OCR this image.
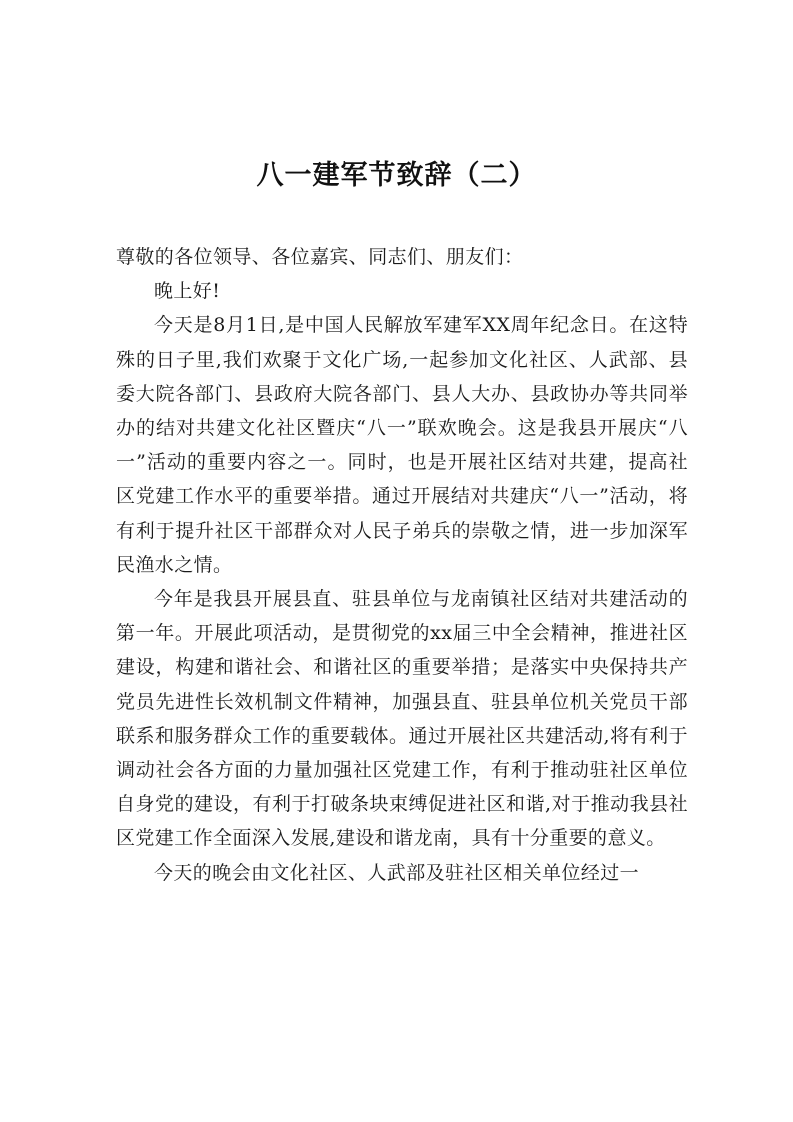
八一建军节致辞（二）

尊敬的各位领导、各位嘉宾、同志们、朋友们：

晚上好!

今天是8月1日,是中国人民解放军建军XX周年纪念日。在这特殊的日子里,我们欢聚于文化广场,一起参加文化社区、人武部、县委大院各部门、县政府大院各部门、县人大办、县政协办等共同举办的结对共建文化社区暨庆“八一”联欢晚会。这是我县开展庆“八一”活动的重要内容之一。同时，也是开展社区结对共建，提高社区党建工作水平的重要举措。通过开展结对共建庆“八一”活动，将有利于提升社区干部群众对人民子弟兵的崇敬之情，进一步加深军民渔水之情。

今年是我县开展县直、驻县单位与龙南镇社区结对共建活动的第一年。开展此项活动，是贯彻党的xx届三中全会精神，推进社区建设，构建和谐社会、和谐社区的重要举措；是落实中央保持共产党员先进性长效机制文件精神，加强县直、驻县单位机关党员干部联系和服务群众工作的重要载体。通过开展社区共建活动,将有利于调动社会各方面的力量加强社区党建工作，有利于推动驻社区单位自身党的建设，有利于打破条块束缚促进社区和谐,对于推动我县社区党建工作全面深入发展,建设和谐龙南，具有十分重要的意义。

今天的晚会由文化社区、人武部及驻社区相关单位经过一
